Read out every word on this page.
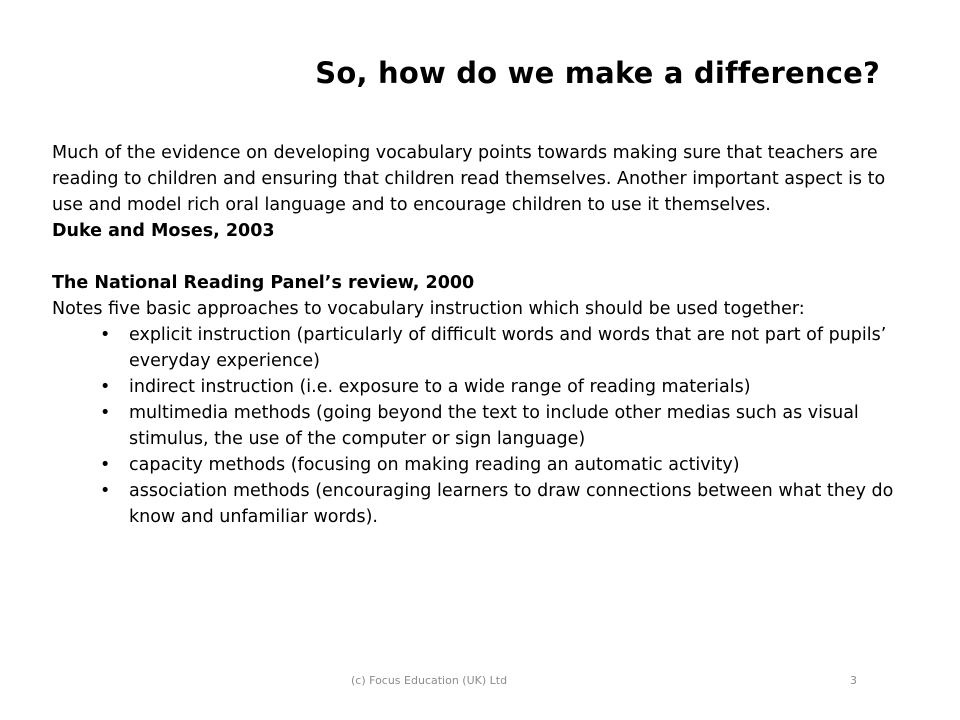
So, how do we make a difference?

Much of the evidence on developing vocabulary points towards making sure that teachers are reading to children and ensuring that children read themselves. Another important aspect is to use and model rich oral language and to encourage children to use it themselves.

Duke and Moses, 2003

The National Reading Panel’s review, 2000

Notes five basic approaches to vocabulary instruction which should be used together:

• explicit instruction (particularly of difficult words and words that are not part of pupils’ everyday experience)
• indirect instruction (i.e. exposure to a wide range of reading materials)
• multimedia methods (going beyond the text to include other medias such as visual stimulus, the use of the computer or sign language)
• capacity methods (focusing on making reading an automatic activity)
• association methods (encouraging learners to draw connections between what they do know and unfamiliar words).
(c) Focus Education (UK) Ltd	3
